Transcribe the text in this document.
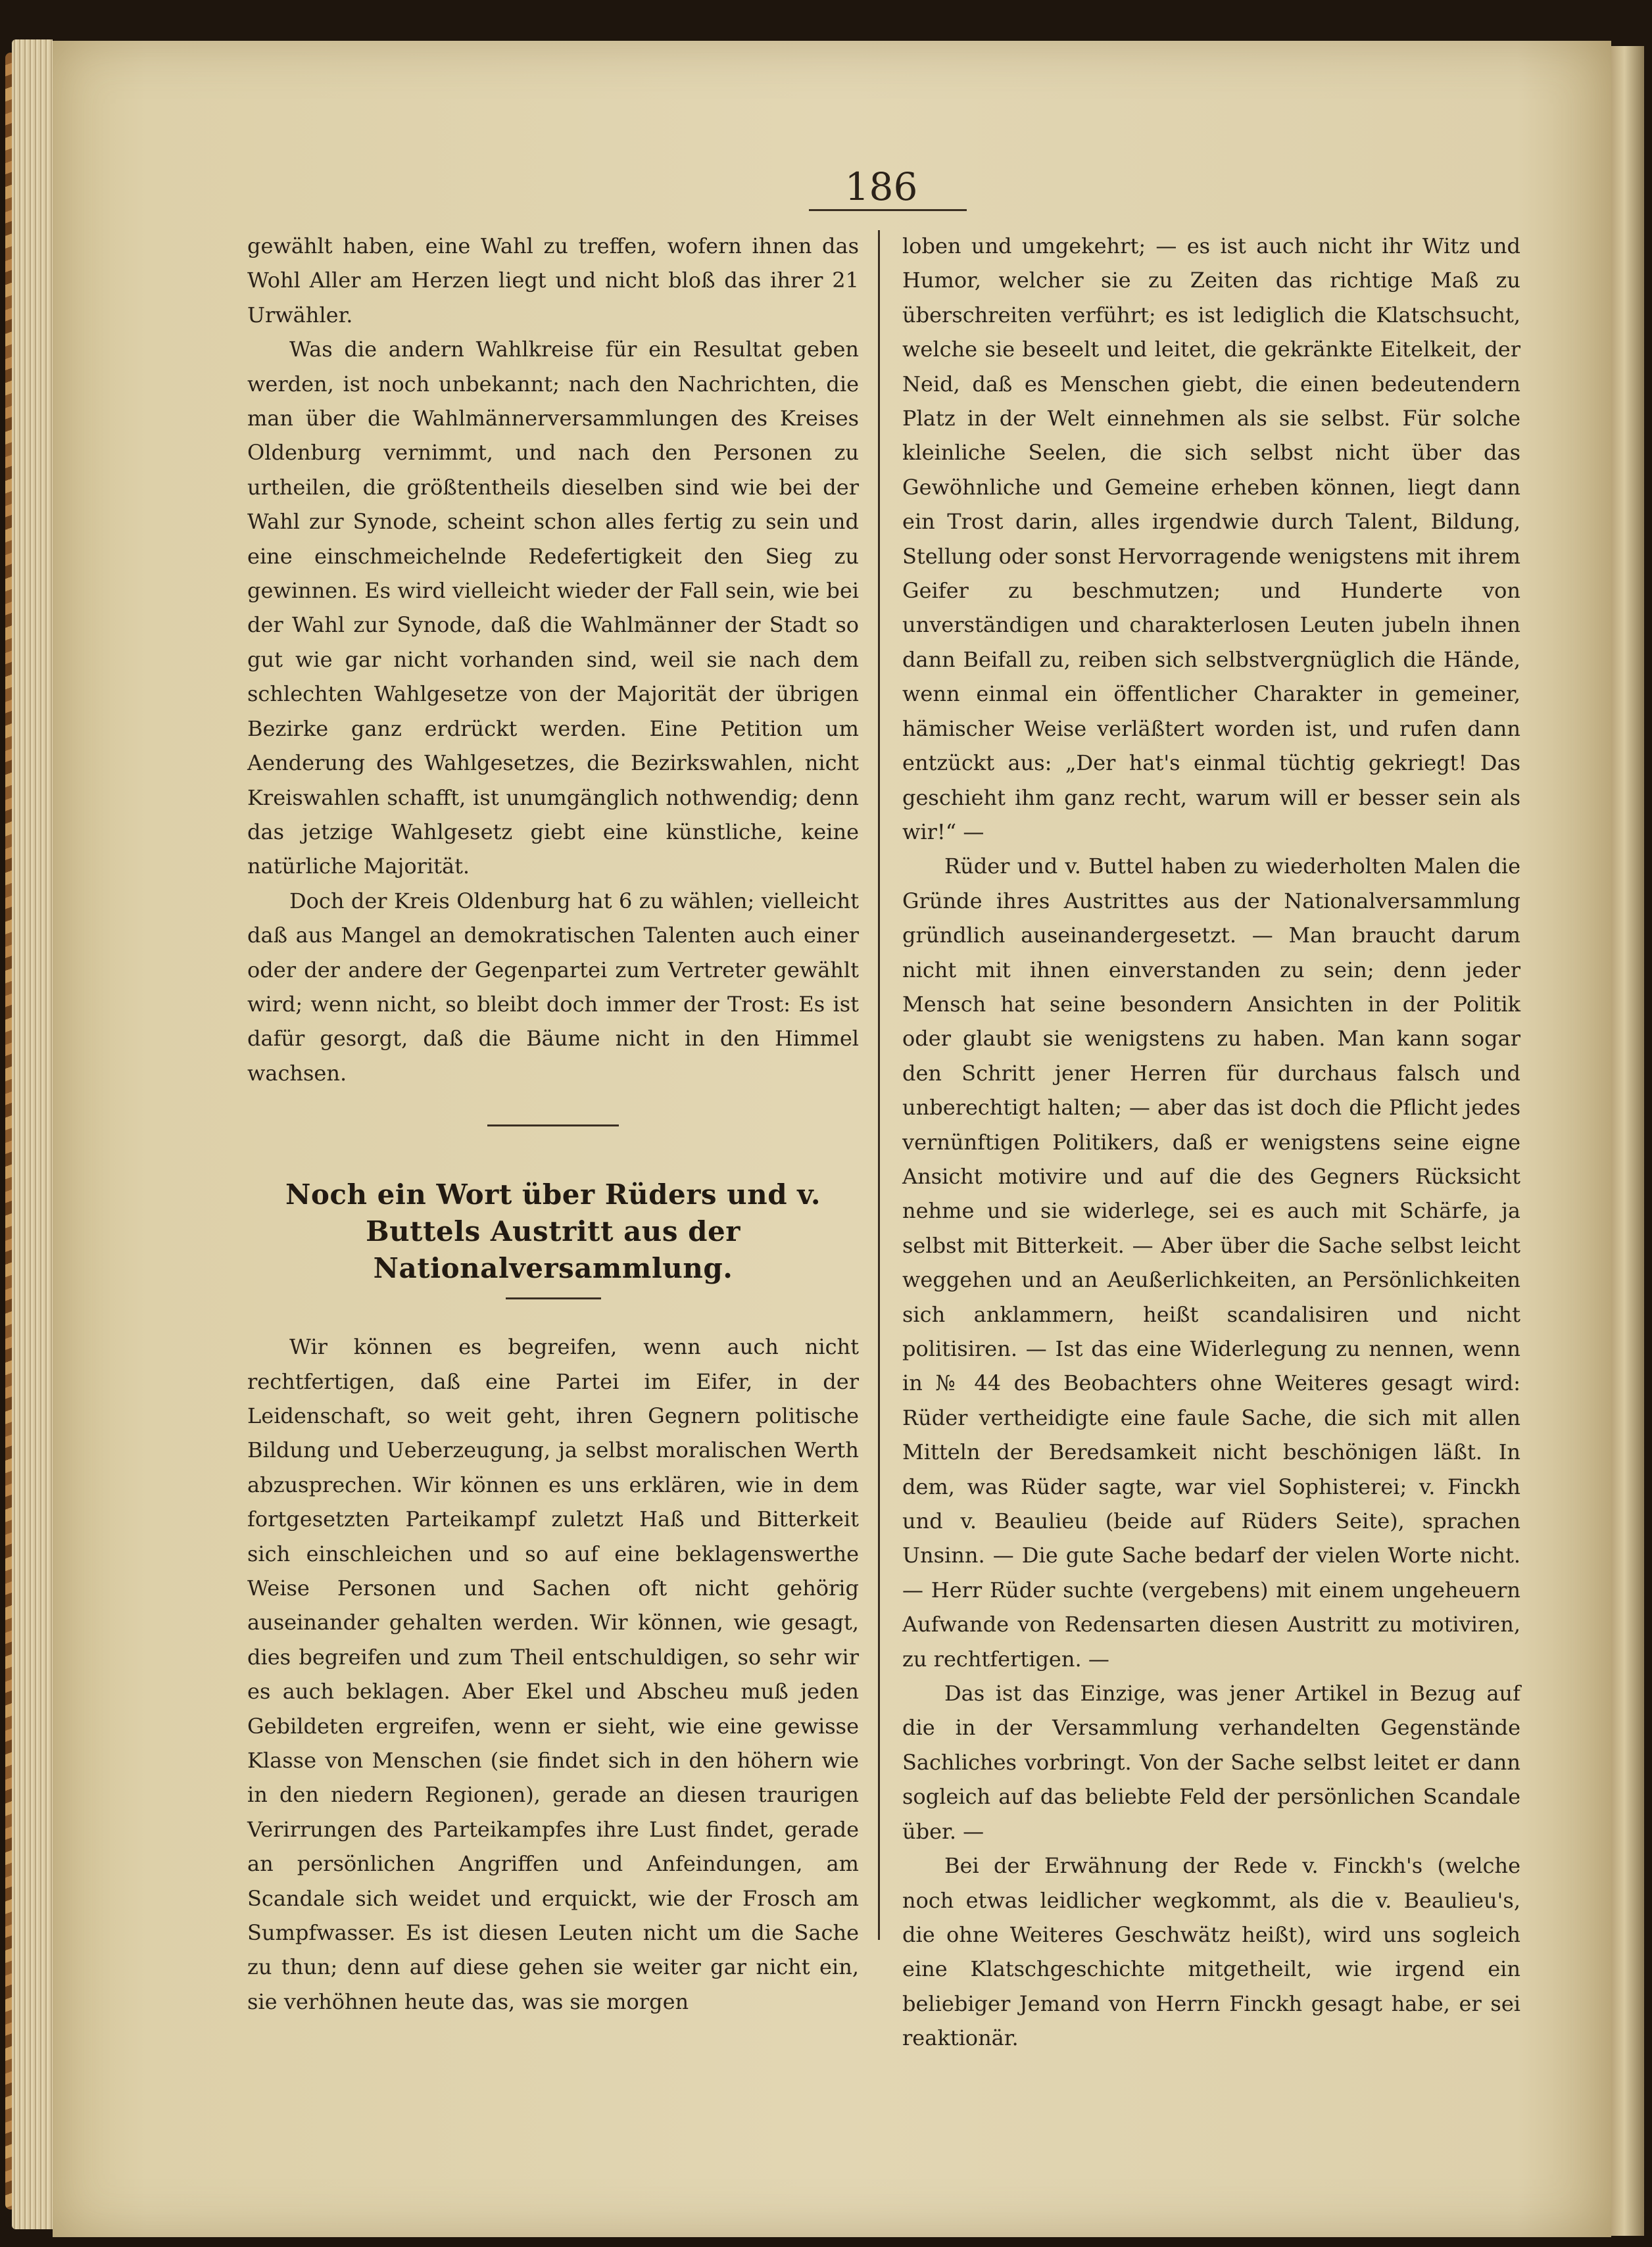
186

gewählt haben, eine Wahl zu treffen, wofern ihnen das Wohl Aller am Herzen liegt und nicht bloß das ihrer 21 Urwähler.

Was die andern Wahlkreise für ein Resultat geben werden, ist noch unbekannt; nach den Nachrichten, die man über die Wahlmännerversammlungen des Kreises Oldenburg vernimmt, und nach den Personen zu urtheilen, die größtentheils dieselben sind wie bei der Wahl zur Synode, scheint schon alles fertig zu sein und eine einschmeichelnde Redefertigkeit den Sieg zu gewinnen. Es wird vielleicht wieder der Fall sein, wie bei der Wahl zur Synode, daß die Wahlmänner der Stadt so gut wie gar nicht vorhanden sind, weil sie nach dem schlechten Wahlgesetze von der Majorität der übrigen Bezirke ganz erdrückt werden. Eine Petition um Aenderung des Wahlgesetzes, die Bezirkswahlen, nicht Kreiswahlen schafft, ist unumgänglich nothwendig; denn das jetzige Wahlgesetz giebt eine künstliche, keine natürliche Majorität.

Doch der Kreis Oldenburg hat 6 zu wählen; vielleicht daß aus Mangel an demokratischen Talenten auch einer oder der andere der Gegenpartei zum Vertreter gewählt wird; wenn nicht, so bleibt doch immer der Trost: Es ist dafür gesorgt, daß die Bäume nicht in den Himmel wachsen.

Noch ein Wort über Rüders und v. Buttels Austritt aus der Nationalversammlung.

Wir können es begreifen, wenn auch nicht rechtfertigen, daß eine Partei im Eifer, in der Leidenschaft, so weit geht, ihren Gegnern politische Bildung und Ueberzeugung, ja selbst moralischen Werth abzusprechen. Wir können es uns erklären, wie in dem fortgesetzten Parteikampf zuletzt Haß und Bitterkeit sich einschleichen und so auf eine beklagenswerthe Weise Personen und Sachen oft nicht gehörig auseinander gehalten werden. Wir können, wie gesagt, dies begreifen und zum Theil entschuldigen, so sehr wir es auch beklagen. Aber Ekel und Abscheu muß jeden Gebildeten ergreifen, wenn er sieht, wie eine gewisse Klasse von Menschen (sie findet sich in den höhern wie in den niedern Regionen), gerade an diesen traurigen Verirrungen des Parteikampfes ihre Lust findet, gerade an persönlichen Angriffen und Anfeindungen, am Scandale sich weidet und erquickt, wie der Frosch am Sumpfwasser. Es ist diesen Leuten nicht um die Sache zu thun; denn auf diese gehen sie weiter gar nicht ein, sie verhöhnen heute das, was sie morgen

loben und umgekehrt; — es ist auch nicht ihr Witz und Humor, welcher sie zu Zeiten das richtige Maß zu überschreiten verführt; es ist lediglich die Klatschsucht, welche sie beseelt und leitet, die gekränkte Eitelkeit, der Neid, daß es Menschen giebt, die einen bedeutendern Platz in der Welt einnehmen als sie selbst. Für solche kleinliche Seelen, die sich selbst nicht über das Gewöhnliche und Gemeine erheben können, liegt dann ein Trost darin, alles irgendwie durch Talent, Bildung, Stellung oder sonst Hervorragende wenigstens mit ihrem Geifer zu beschmutzen; und Hunderte von unverständigen und charakterlosen Leuten jubeln ihnen dann Beifall zu, reiben sich selbstvergnüglich die Hände, wenn einmal ein öffentlicher Charakter in gemeiner, hämischer Weise verläßtert worden ist, und rufen dann entzückt aus: „Der hat's einmal tüchtig gekriegt! Das geschieht ihm ganz recht, warum will er besser sein als wir!“ —

Rüder und v. Buttel haben zu wiederholten Malen die Gründe ihres Austrittes aus der Nationalversammlung gründlich auseinandergesetzt. — Man braucht darum nicht mit ihnen einverstanden zu sein; denn jeder Mensch hat seine besondern Ansichten in der Politik oder glaubt sie wenigstens zu haben. Man kann sogar den Schritt jener Herren für durchaus falsch und unberechtigt halten; — aber das ist doch die Pflicht jedes vernünftigen Politikers, daß er wenigstens seine eigne Ansicht motivire und auf die des Gegners Rücksicht nehme und sie widerlege, sei es auch mit Schärfe, ja selbst mit Bitterkeit. — Aber über die Sache selbst leicht weggehen und an Aeußerlichkeiten, an Persönlichkeiten sich anklammern, heißt scandalisiren und nicht politisiren. — Ist das eine Widerlegung zu nennen, wenn in № 44 des Beobachters ohne Weiteres gesagt wird: Rüder vertheidigte eine faule Sache, die sich mit allen Mitteln der Beredsamkeit nicht beschönigen läßt. In dem, was Rüder sagte, war viel Sophisterei; v. Finckh und v. Beaulieu (beide auf Rüders Seite), sprachen Unsinn. — Die gute Sache bedarf der vielen Worte nicht. — Herr Rüder suchte (vergebens) mit einem ungeheuern Aufwande von Redensarten diesen Austritt zu motiviren, zu rechtfertigen. —

Das ist das Einzige, was jener Artikel in Bezug auf die in der Versammlung verhandelten Gegenstände Sachliches vorbringt. Von der Sache selbst leitet er dann sogleich auf das beliebte Feld der persönlichen Scandale über. —

Bei der Erwähnung der Rede v. Finckh's (welche noch etwas leidlicher wegkommt, als die v. Beaulieu's, die ohne Weiteres Geschwätz heißt), wird uns sogleich eine Klatschgeschichte mitgetheilt, wie irgend ein beliebiger Jemand von Herrn Finckh gesagt habe, er sei reaktionär.
